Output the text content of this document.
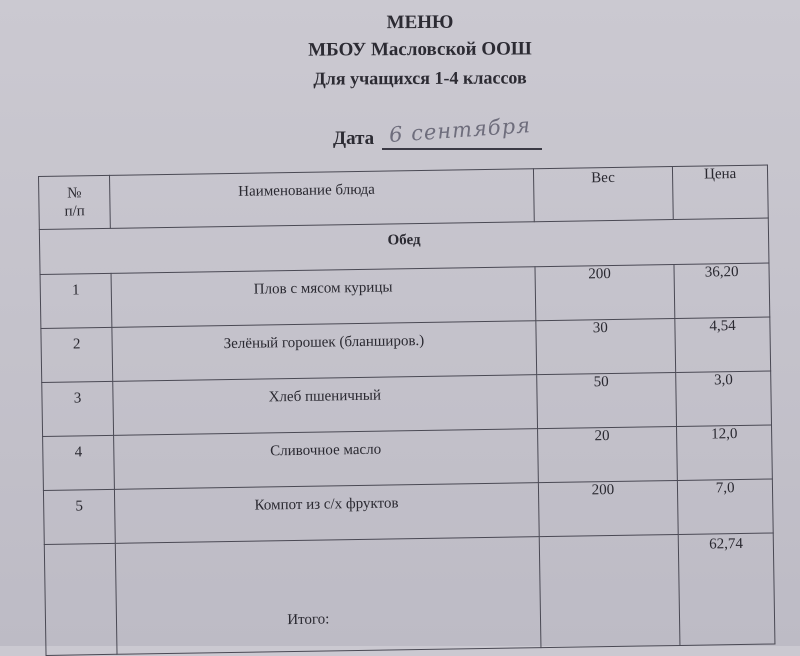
МЕНЮ
МБОУ Масловской ООШ
Для учащихся 1-4 классов
Дата 6 сентября
№
п/п	Наименование блюда	Вес	Цена
Обед			
1	Плов с мясом курицы	200	36,20
2	Зелёный горошек (бланширов.)	30	4,54
3	Хлеб пшеничный	50	3,0
4	Сливочное масло	20	12,0
5	Компот из с/х фруктов	200	7,0
	Итого:		62,74
